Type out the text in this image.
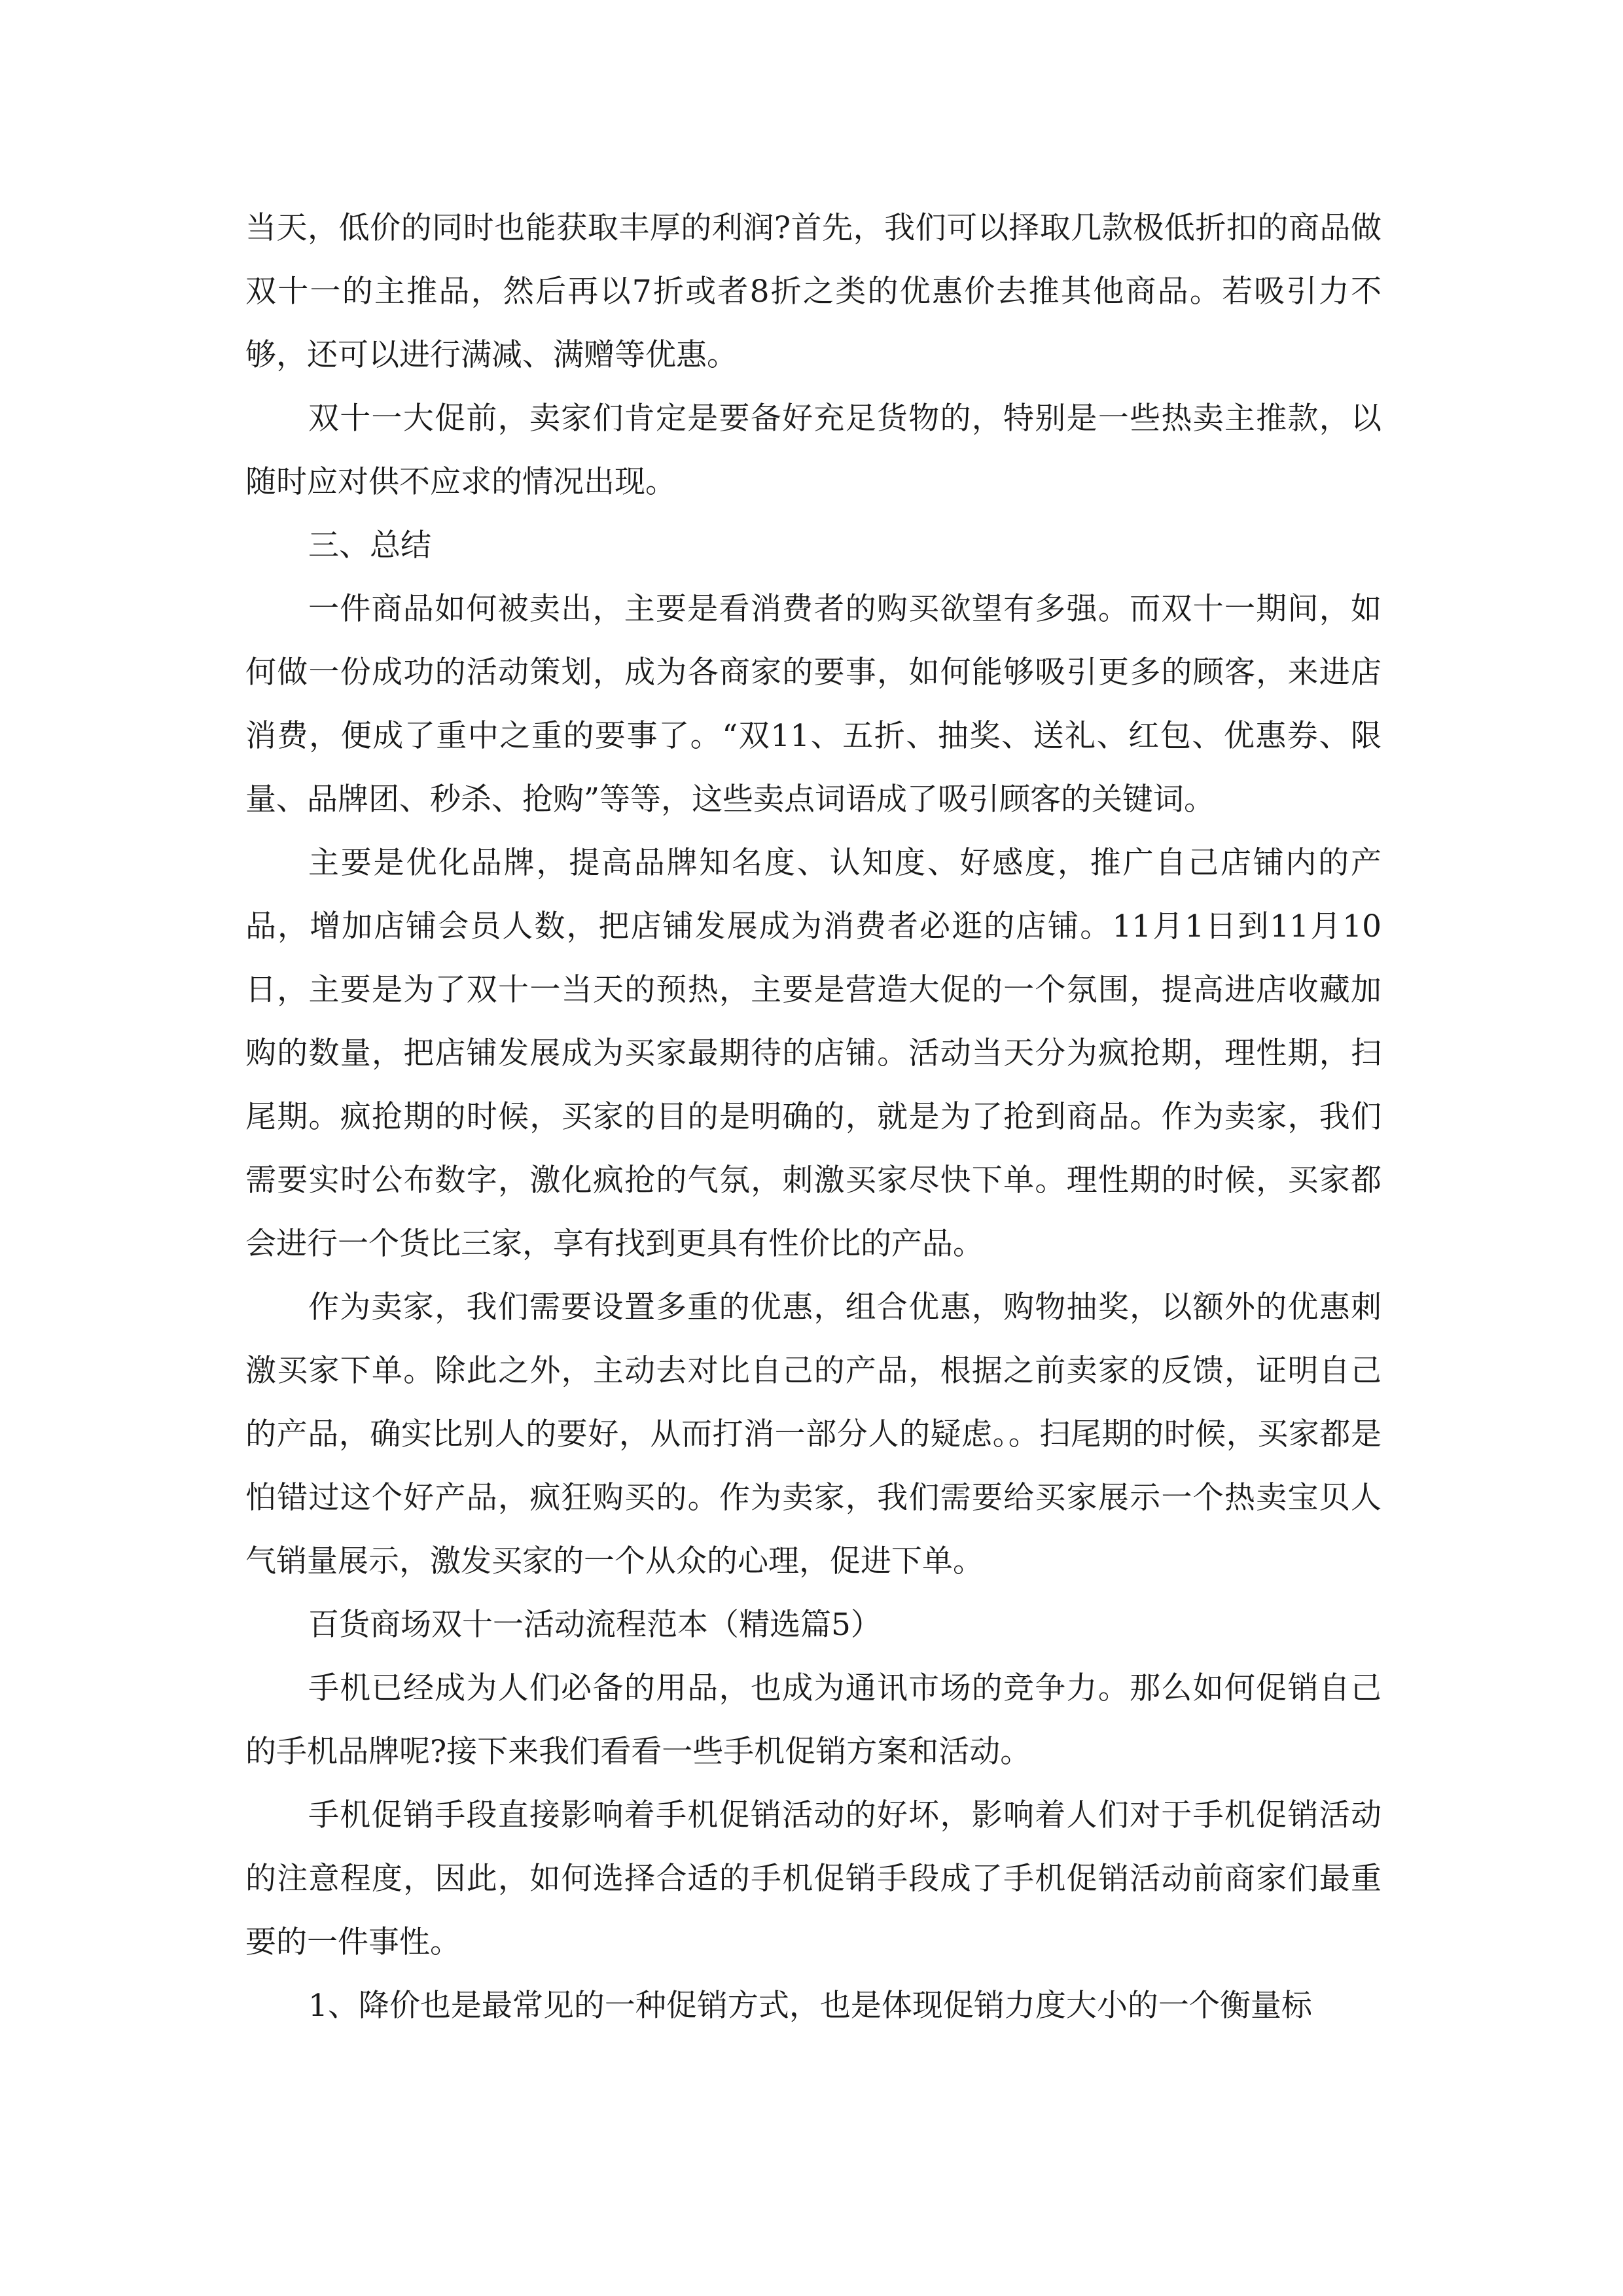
当天，低价的同时也能获取丰厚的利润?首先，我们可以择取几款极低折扣的商品做双十一的主推品，然后再以7折或者8折之类的优惠价去推其他商品。若吸引力不够，还可以进行满减、满赠等优惠。

双十一大促前，卖家们肯定是要备好充足货物的，特别是一些热卖主推款，以随时应对供不应求的情况出现。

三、总结

一件商品如何被卖出，主要是看消费者的购买欲望有多强。而双十一期间，如何做一份成功的活动策划，成为各商家的要事，如何能够吸引更多的顾客，来进店消费，便成了重中之重的要事了。“双11、五折、抽奖、送礼、红包、优惠券、限量、品牌团、秒杀、抢购”等等，这些卖点词语成了吸引顾客的关键词。

主要是优化品牌，提高品牌知名度、认知度、好感度，推广自己店铺内的产品，增加店铺会员人数，把店铺发展成为消费者必逛的店铺。11月1日到11月10日，主要是为了双十一当天的预热，主要是营造大促的一个氛围，提高进店收藏加购的数量，把店铺发展成为买家最期待的店铺。活动当天分为疯抢期，理性期，扫尾期。疯抢期的时候，买家的目的是明确的，就是为了抢到商品。作为卖家，我们需要实时公布数字，激化疯抢的气氛，刺激买家尽快下单。理性期的时候，买家都会进行一个货比三家，享有找到更具有性价比的产品。

作为卖家，我们需要设置多重的优惠，组合优惠，购物抽奖，以额外的优惠刺激买家下单。除此之外，主动去对比自己的产品，根据之前卖家的反馈，证明自己的产品，确实比别人的要好，从而打消一部分人的疑虑。。扫尾期的时候，买家都是怕错过这个好产品，疯狂购买的。作为卖家，我们需要给买家展示一个热卖宝贝人气销量展示，激发买家的一个从众的心理，促进下单。

百货商场双十一活动流程范本（精选篇5）

手机已经成为人们必备的用品，也成为通讯市场的竞争力。那么如何促销自己的手机品牌呢?接下来我们看看一些手机促销方案和活动。

手机促销手段直接影响着手机促销活动的好坏，影响着人们对于手机促销活动的注意程度，因此，如何选择合适的手机促销手段成了手机促销活动前商家们最重要的一件事性。

1、降价也是最常见的一种促销方式，也是体现促销力度大小的一个衡量标
